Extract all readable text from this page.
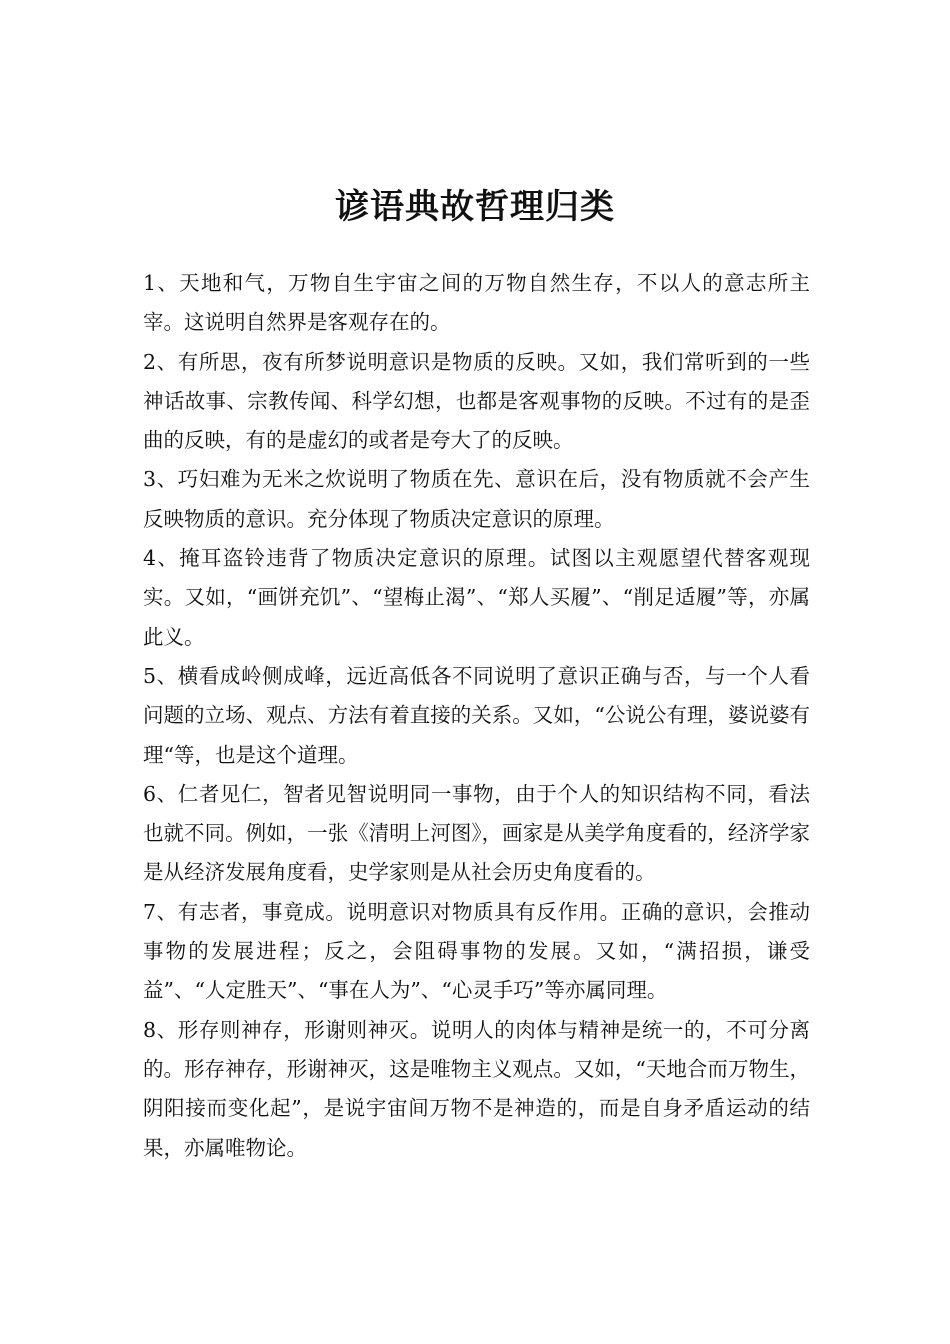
谚语典故哲理归类

1、天地和气，万物自生宇宙之间的万物自然生存，不以人的意志所主宰。这说明自然界是客观存在的。

2、有所思，夜有所梦说明意识是物质的反映。又如，我们常听到的一些神话故事、宗教传闻、科学幻想，也都是客观事物的反映。不过有的是歪曲的反映，有的是虚幻的或者是夸大了的反映。

3、巧妇难为无米之炊说明了物质在先、意识在后，没有物质就不会产生反映物质的意识。充分体现了物质决定意识的原理。

4、掩耳盗铃违背了物质决定意识的原理。试图以主观愿望代替客观现实。又如，“画饼充饥”、“望梅止渴”、“郑人买履”、“削足适履”等，亦属此义。

5、横看成岭侧成峰，远近高低各不同说明了意识正确与否，与一个人看问题的立场、观点、方法有着直接的关系。又如，“公说公有理，婆说婆有理“等，也是这个道理。

6、仁者见仁，智者见智说明同一事物，由于个人的知识结构不同，看法也就不同。例如，一张《清明上河图》，画家是从美学角度看的，经济学家是从经济发展角度看，史学家则是从社会历史角度看的。

7、有志者，事竟成。说明意识对物质具有反作用。正确的意识，会推动事物的发展进程；反之，会阻碍事物的发展。又如，“满招损，谦受益”、“人定胜天”、“事在人为”、“心灵手巧”等亦属同理。

8、形存则神存，形谢则神灭。说明人的肉体与精神是统一的，不可分离的。形存神存，形谢神灭，这是唯物主义观点。又如，“天地合而万物生，阴阳接而变化起”，是说宇宙间万物不是神造的，而是自身矛盾运动的结果，亦属唯物论。
